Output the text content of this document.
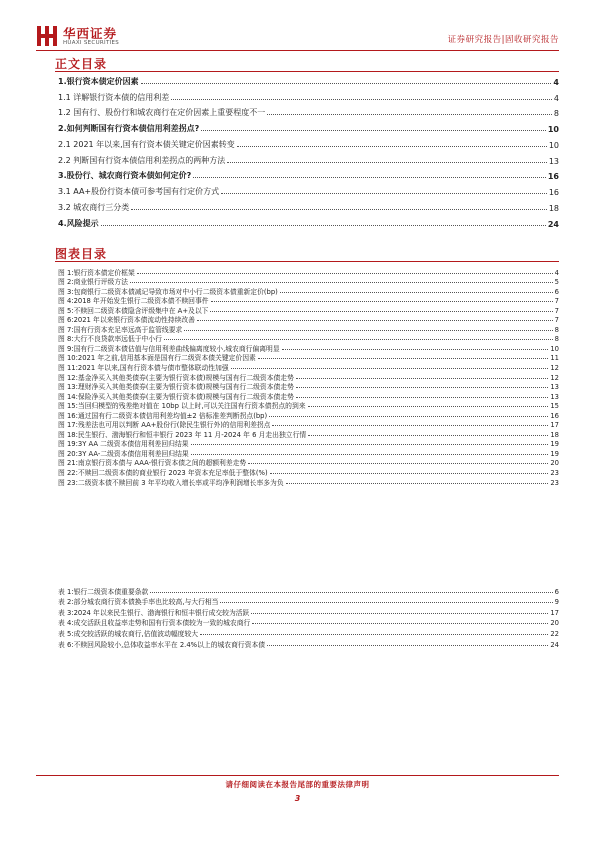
华西证券
HUAXI SECURITIES	证券研究报告|固收研究报告
正文目录
1.银行资本债定价因素	4
1.1 详解银行资本债的信用利差	4
1.2 国有行、股份行和城农商行在定价因素上重要程度不一	8
2.如何判断国有行资本债信用利差拐点?	10
2.1 2021 年以来,国有行资本债关键定价因素转变	10
2.2 判断国有行资本债信用利差拐点的两种方法	13
3.股份行、城农商行资本债如何定价?	16
3.1 AA+股份行资本债可参考国有行定价方式	16
3.2 城农商行三分类	18
4.风险提示	24
图表目录
图 1:银行资本债定价框架	4
图 2:商业银行评级方法	5
图 3:包商银行二级资本债减记导致市场对中小行二级资本债重新定价(bp)	6
图 4:2018 年开始发生银行二级资本债不赎回事件	7
图 5:不赎回二级资本债隐含评级集中在 A+及以下	7
图 6:2021 年以来银行资本债流动性持续改善	7
图 7:国有行资本充足率远高于监管线要求	8
图 8:大行不良贷款率远低于中小行	8
图 9:国有行二级资本债估值与信用利差曲线偏离度较小,城农商行偏离明显	10
图 10:2021 年之前,信用基本面是国有行二级资本债关键定价因素	11
图 11:2021 年以来,国有行资本债与债市整体联动性加强	12
图 12:基金净买入其他类债券(主要为银行资本债)规模与国有行二级资本债走势	12
图 13:理财净买入其他类债券(主要为银行资本债)规模与国有行二级资本债走势	13
图 14:保险净买入其他类债券(主要为银行资本债)规模与国有行二级资本债走势	13
图 15:当回归模型的残差绝对值在 10bp 以上时,可以关注国有行资本债拐点的到来	15
图 16:通过国有行二级资本债信用利差均值±2 倍标准差判断拐点(bp)	16
图 17:残差法也可用以判断 AA+股份行(除民生银行外)的信用利差拐点	17
图 18:民生银行、渤海银行和恒丰银行 2023 年 11 月-2024 年 6 月走出独立行情	18
图 19:3Y AA 二级资本债信用利差回归结果	19
图 20:3Y AA-二级资本债信用利差回归结果	19
图 21:南京银行资本债与 AAA-银行资本债之间的超额利差走势	20
图 22:不赎回二级资本债的商业银行 2023 年资本充足率低于整体(%)	23
图 23:二级资本债不赎回前 3 年平均收入增长率或平均净利润增长率多为负	23
表 1:银行二级资本债重要条款	6
表 2:部分城农商行资本债换手率也比较高,与大行相当	9
表 3:2024 年以来民生银行、渤海银行和恒丰银行成交较为活跃	17
表 4:成交活跃且收益率走势和国有行资本债较为一致的城农商行	20
表 5:成交较活跃的城农商行,估值波动幅度较大	22
表 6:不赎回风险较小,总体收益率水平在 2.4%以上的城农商行资本债	24
请仔细阅读在本报告尾部的重要法律声明
3
